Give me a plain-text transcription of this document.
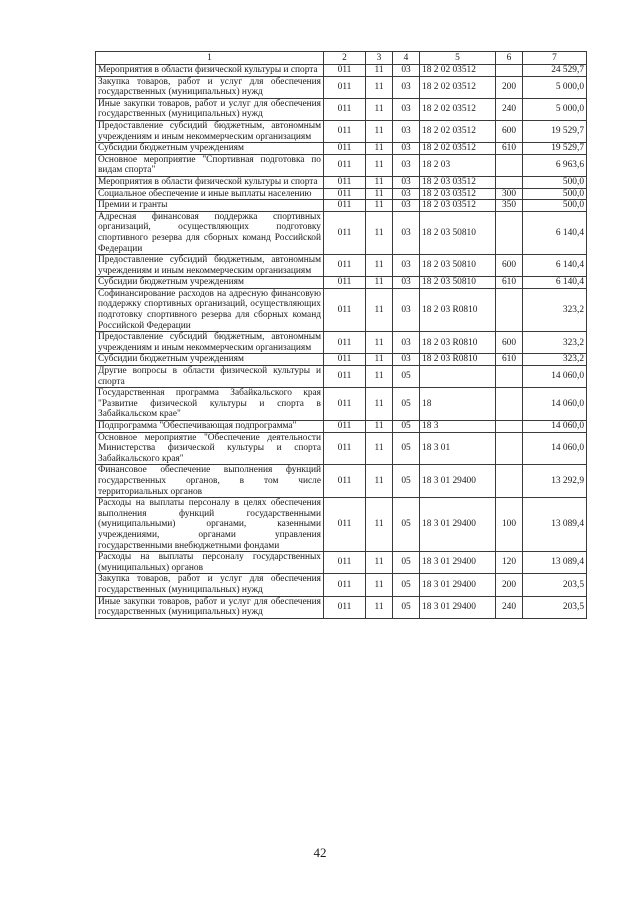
1	2	3	4	5	6	7
Мероприятия в области физической культуры и спорта	011	11	03	18 2 02 03512		24 529,7
Закупка товаров, работ и услуг для обеспечения государственных (муниципальных) нужд	011	11	03	18 2 02 03512	200	5 000,0
Иные закупки товаров, работ и услуг для обеспечения государственных (муниципальных) нужд	011	11	03	18 2 02 03512	240	5 000,0
Предоставление субсидий бюджетным, автономным учреждениям и иным некоммерческим организациям	011	11	03	18 2 02 03512	600	19 529,7
Субсидии бюджетным учреждениям	011	11	03	18 2 02 03512	610	19 529,7
Основное мероприятие "Спортивная подготовка по видам спорта"	011	11	03	18 2 03		6 963,6
Мероприятия в области физической культуры и спорта	011	11	03	18 2 03 03512		500,0
Социальное обеспечение и иные выплаты населению	011	11	03	18 2 03 03512	300	500,0
Премии и гранты	011	11	03	18 2 03 03512	350	500,0
Адресная финансовая поддержка спортивных организаций, осуществляющих подготовку спортивного резерва для сборных команд Российской Федерации	011	11	03	18 2 03 50810		6 140,4
Предоставление субсидий бюджетным, автономным учреждениям и иным некоммерческим организациям	011	11	03	18 2 03 50810	600	6 140,4
Субсидии бюджетным учреждениям	011	11	03	18 2 03 50810	610	6 140,4
Софинансирование расходов на адресную финансовую поддержку спортивных организаций, осуществляющих подготовку спортивного резерва для сборных команд Российской Федерации	011	11	03	18 2 03 R0810		323,2
Предоставление субсидий бюджетным, автономным учреждениям и иным некоммерческим организациям	011	11	03	18 2 03 R0810	600	323,2
Субсидии бюджетным учреждениям	011	11	03	18 2 03 R0810	610	323,2
Другие вопросы в области физической культуры и спорта	011	11	05			14 060,0
Государственная программа Забайкальского края "Развитие физической культуры и спорта в Забайкальском крае"	011	11	05	18		14 060,0
Подпрограмма "Обеспечивающая подпрограмма"	011	11	05	18 3		14 060,0
Основное мероприятие "Обеспечение деятельности Министерства физической культуры и спорта Забайкальского края"	011	11	05	18 3 01		14 060,0
Финансовое обеспечение выполнения функций государственных органов, в том числе территориальных органов	011	11	05	18 3 01 29400		13 292,9
Расходы на выплаты персоналу в целях обеспечения выполнения функций государственными (муниципальными) органами, казенными учреждениями, органами управления государственными внебюджетными фондами	011	11	05	18 3 01 29400	100	13 089,4
Расходы на выплаты персоналу государственных (муниципальных) органов	011	11	05	18 3 01 29400	120	13 089,4
Закупка товаров, работ и услуг для обеспечения государственных (муниципальных) нужд	011	11	05	18 3 01 29400	200	203,5
Иные закупки товаров, работ и услуг для обеспечения государственных (муниципальных) нужд	011	11	05	18 3 01 29400	240	203,5
42
